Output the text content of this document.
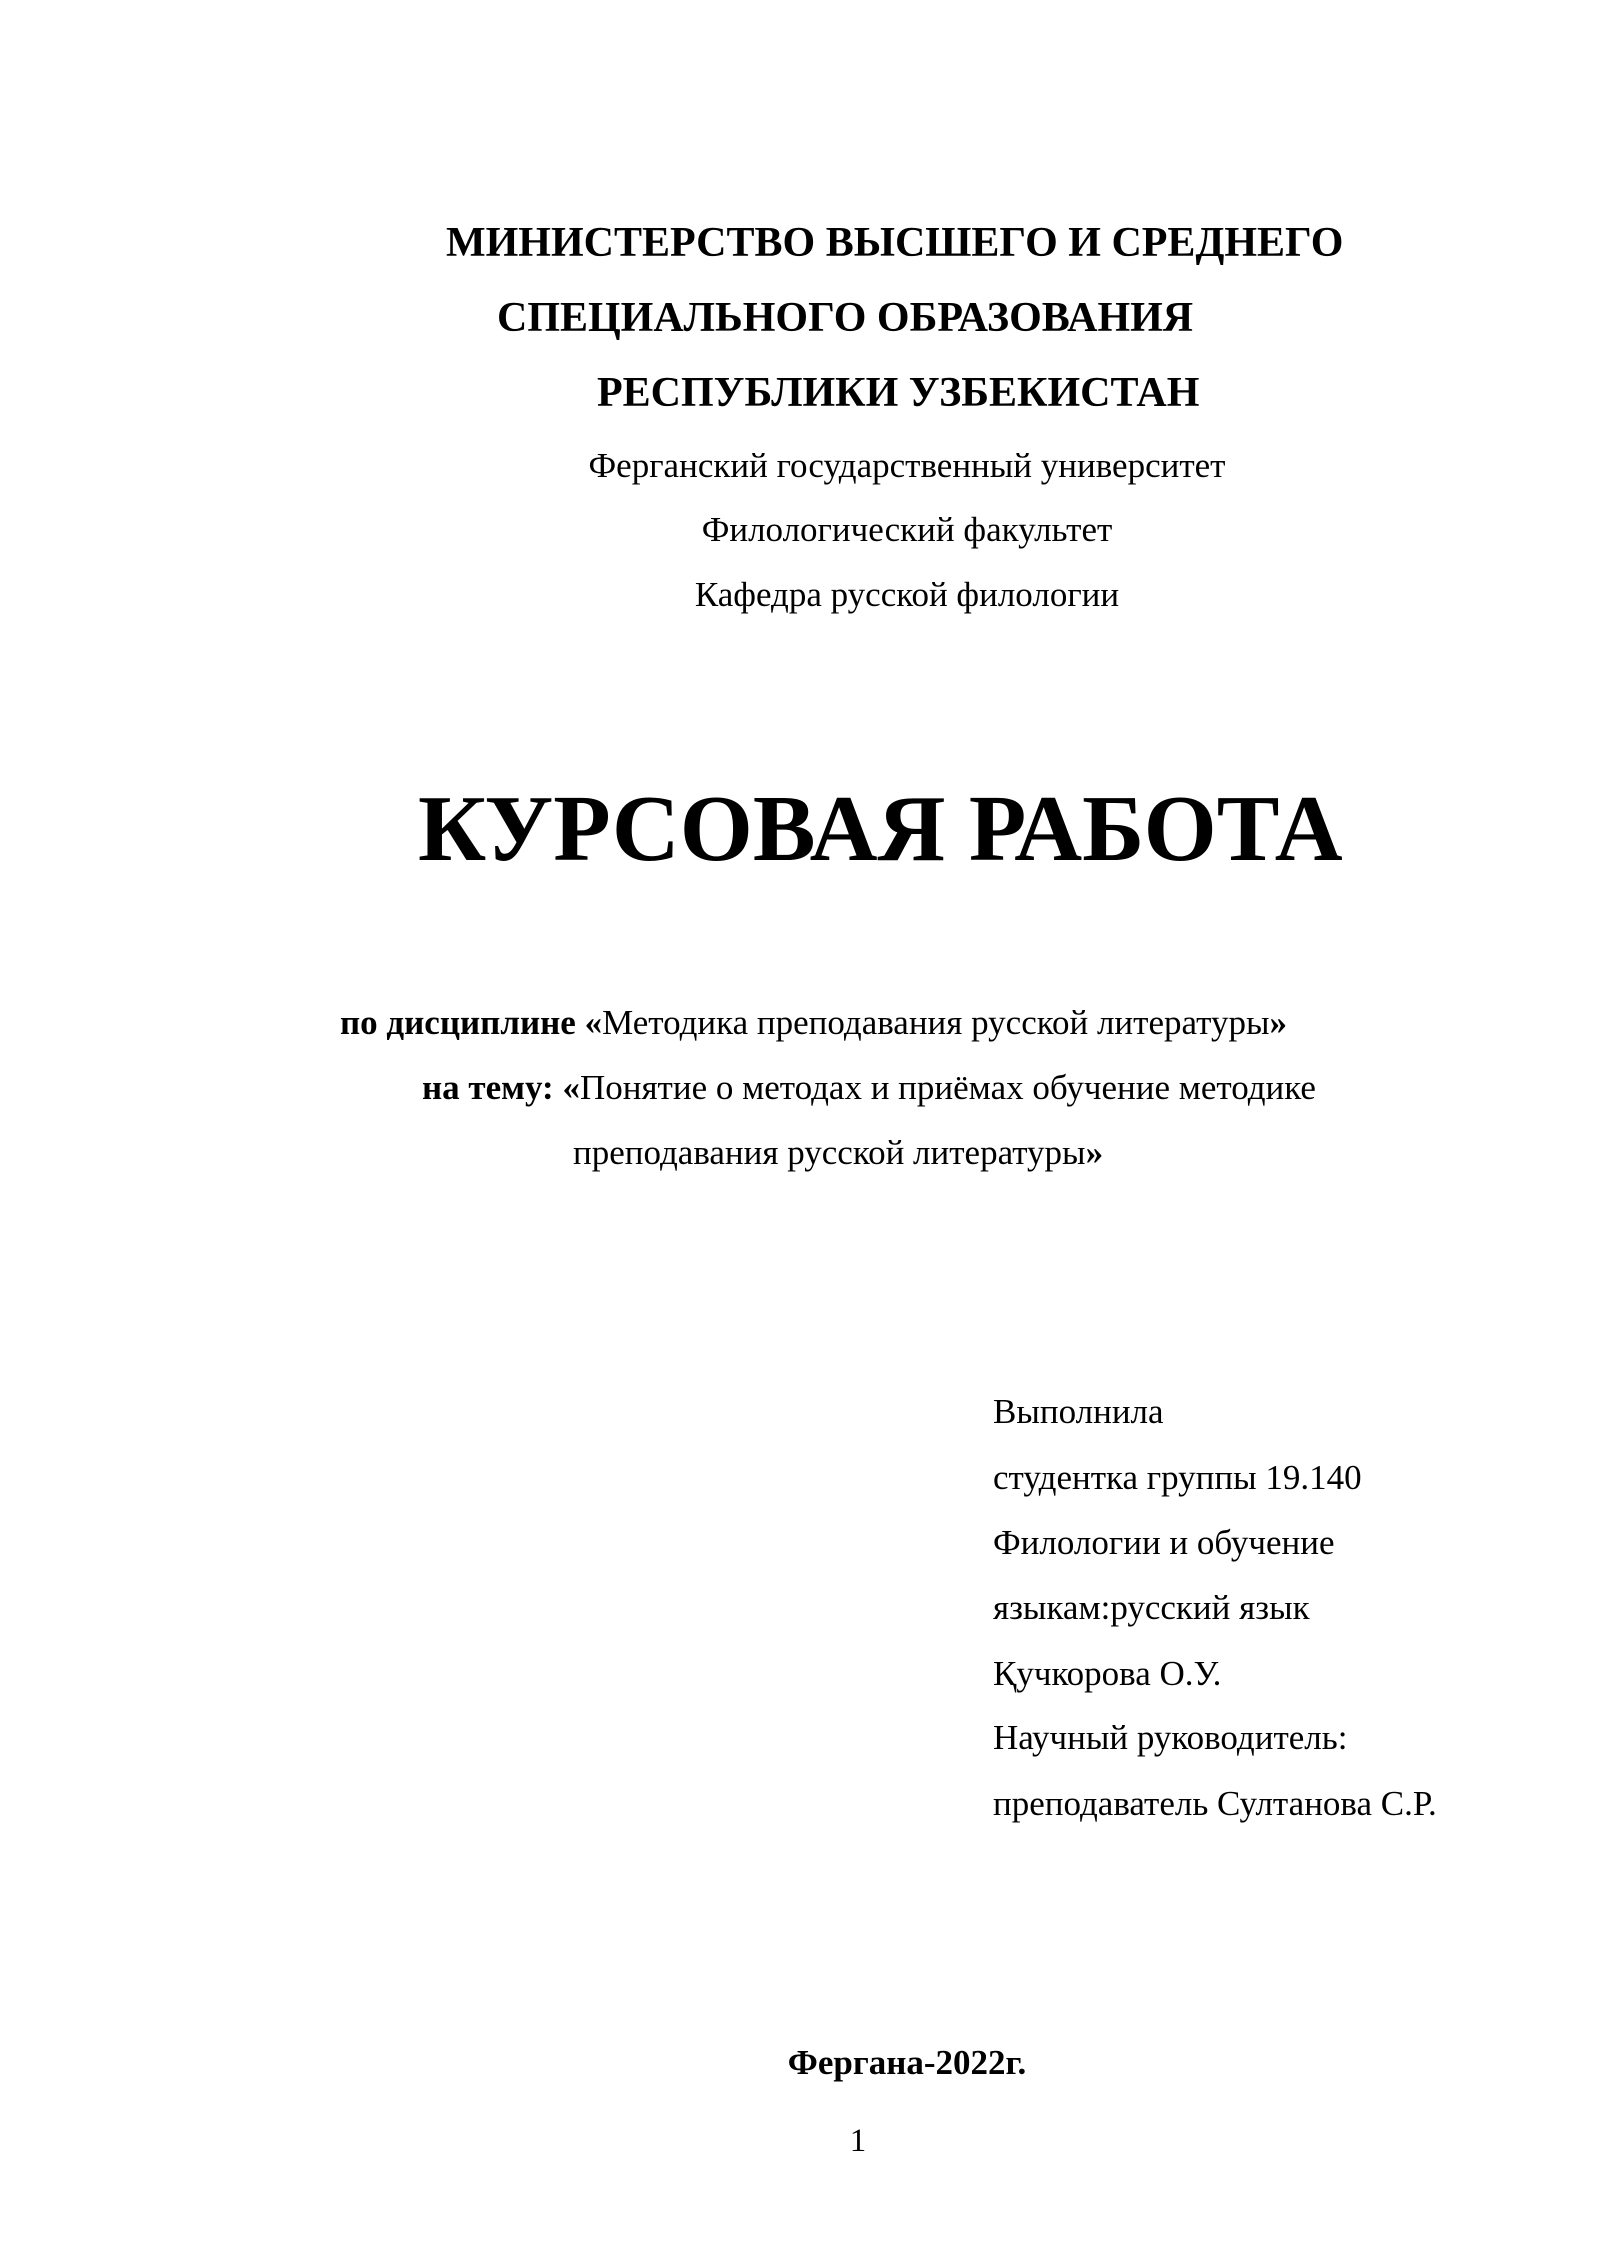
МИНИСТЕРСТВО ВЫСШЕГО И СРЕДНЕГО
СПЕЦИАЛЬНОГО ОБРАЗОВАНИЯ
РЕСПУБЛИКИ УЗБЕКИСТАН
Ферганский государственный университет
Филологический факультет
Кафедра русской филологии
КУРСОВАЯ РАБОТА
по дисциплине «Методика преподавания русской литературы»
на тему: «Понятие о методах и приёмах обучение методике
преподавания русской литературы»
Выполнила
студентка группы 19.140
Филологии и обучение
языкам:русский язык
Қучкорова О.У.
Научный руководитель:
преподаватель Султанова С.Р.
Фергана-2022г.
1
